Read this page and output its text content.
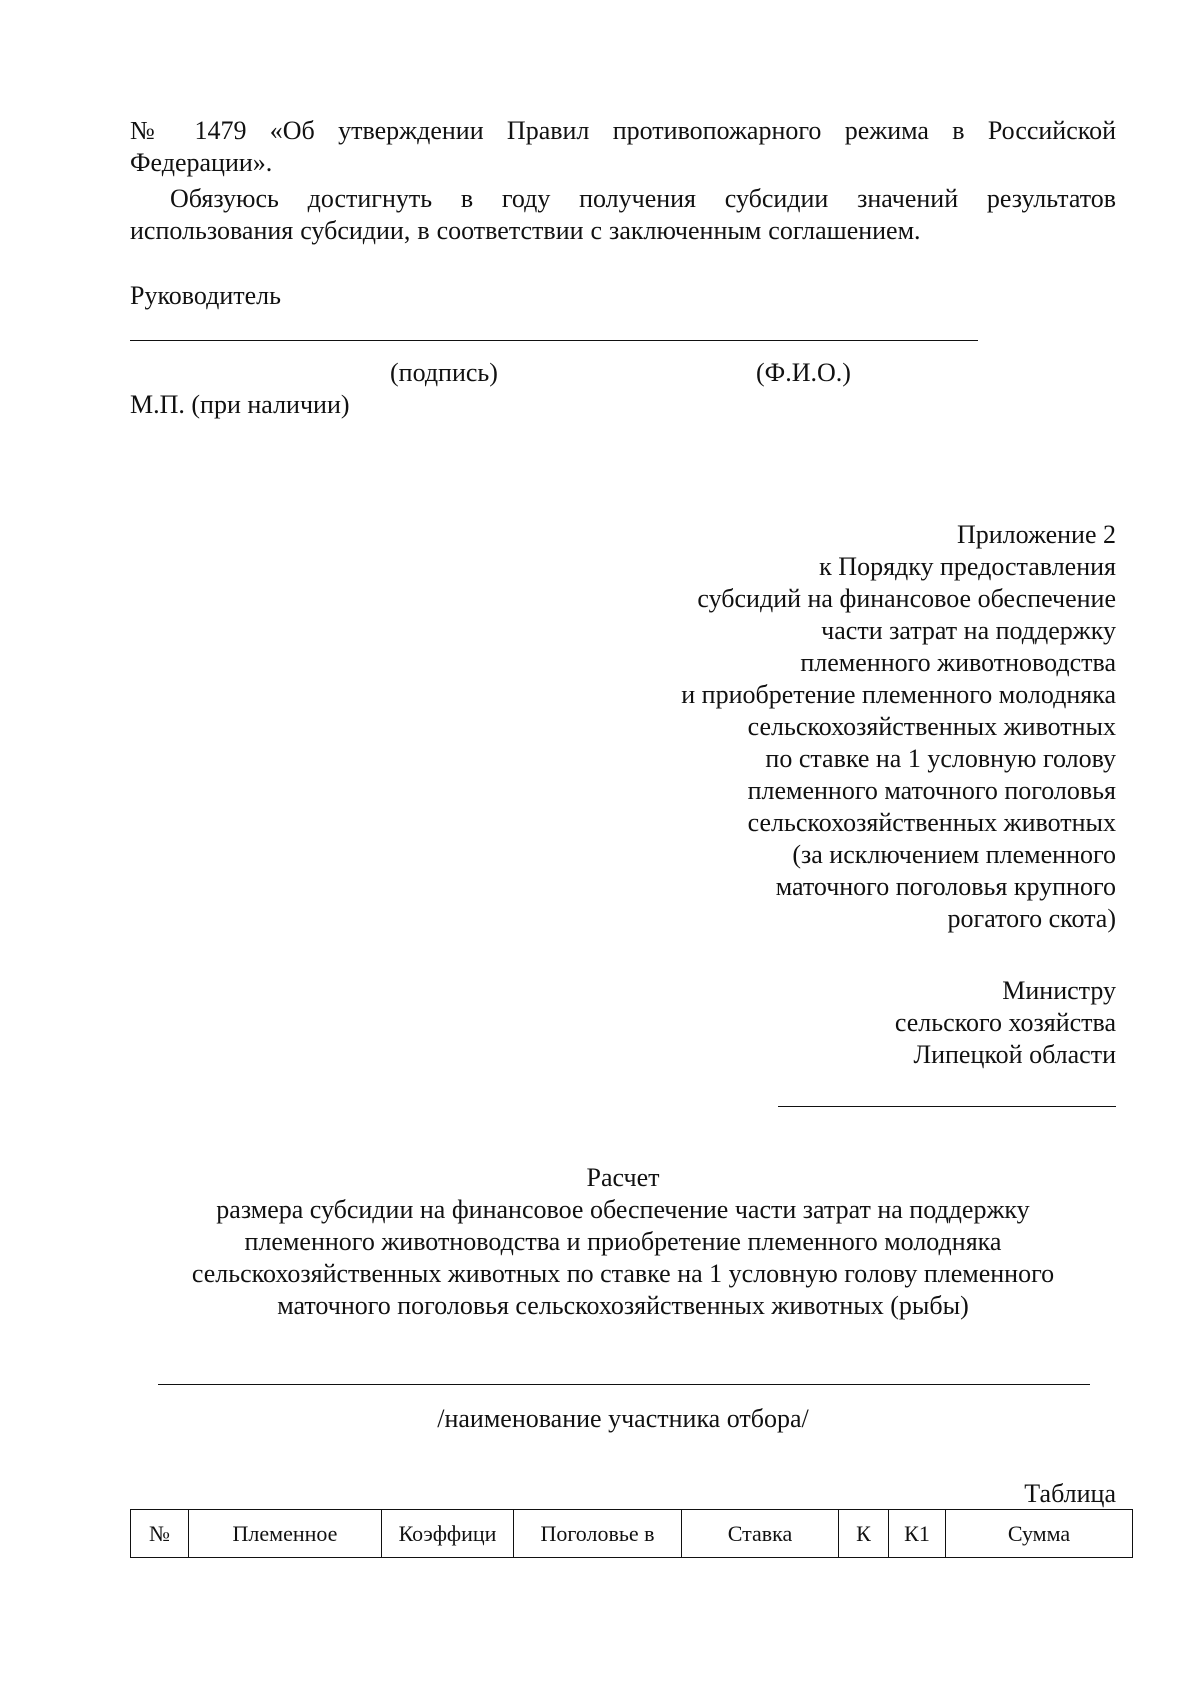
№ 1479 «Об утверждении Правил противопожарного режима в Российской Федерации».
Обязуюсь достигнуть в году получения субсидии значений результатов использования субсидии, в соответствии с заключенным соглашением.
Руководитель
(подпись)	(Ф.И.О.)
М.П. (при наличии)
Приложение 2
к Порядку предоставления
субсидий на финансовое обеспечение
части затрат на поддержку
племенного животноводства
и приобретение племенного молодняка
сельскохозяйственных животных
по ставке на 1 условную голову
племенного маточного поголовья
сельскохозяйственных животных
(за исключением племенного
маточного поголовья крупного
рогатого скота)
Министру
сельского хозяйства
Липецкой области
Расчет
размера субсидии на финансовое обеспечение части затрат на поддержку
племенного животноводства и приобретение племенного молодняка
сельскохозяйственных животных по ставке на 1 условную голову племенного
маточного поголовья сельскохозяйственных животных (рыбы)
/наименование участника отбора/
Таблица
№	Племенное	Коэффици	Поголовье в	Ставка	К	К1	Сумма
